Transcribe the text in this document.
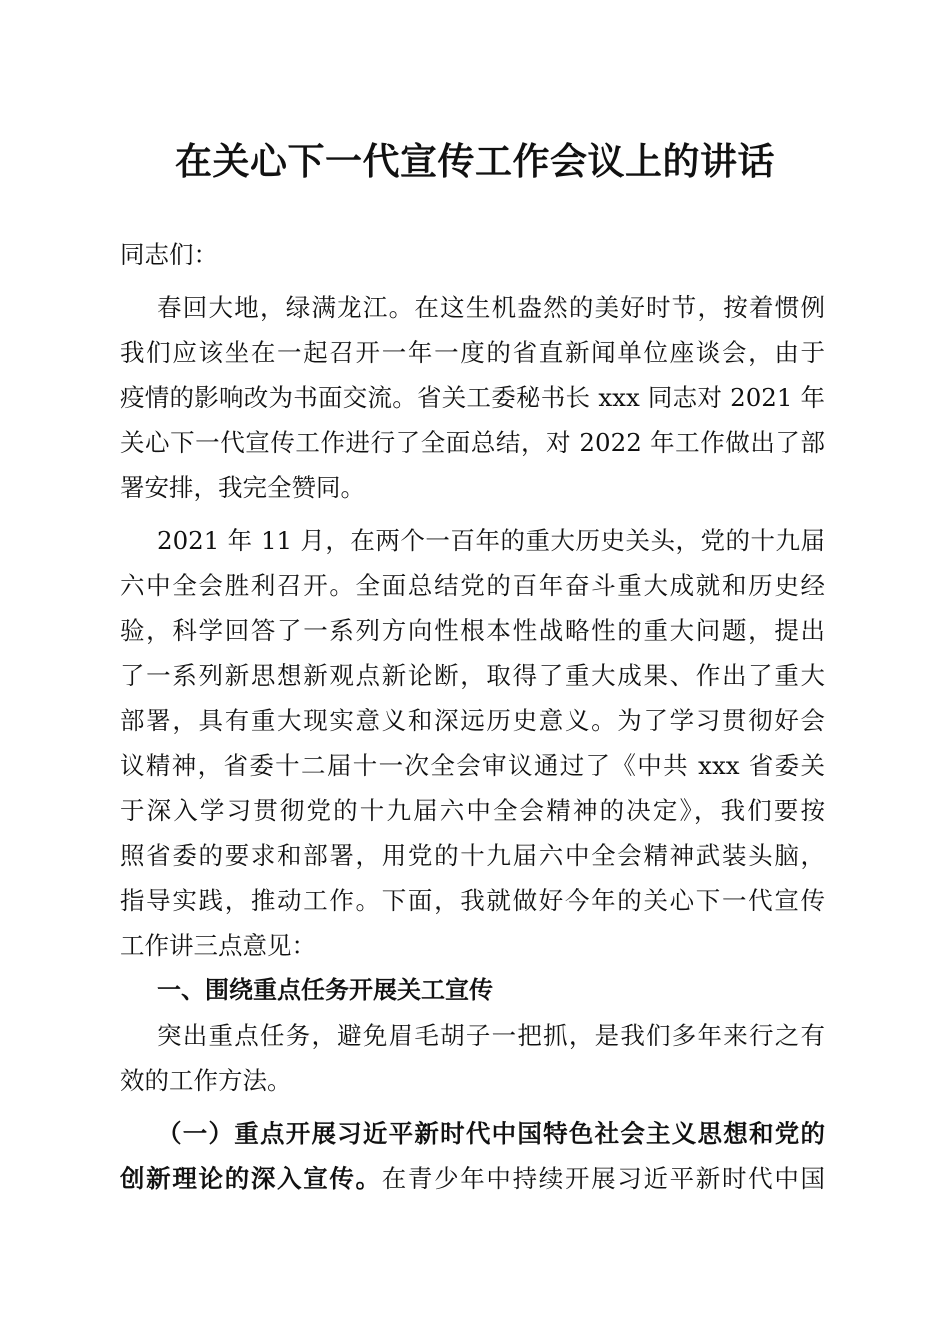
在关心下一代宣传工作会议上的讲话
同志们：
春回大地，绿满龙江。在这生机盎然的美好时节，按着惯例
我们应该坐在一起召开一年一度的省直新闻单位座谈会，由于
疫情的影响改为书面交流。省关工委秘书长 xxx 同志对 2021 年
关心下一代宣传工作进行了全面总结，对 2022 年工作做出了部
署安排，我完全赞同。
2021 年 11 月，在两个一百年的重大历史关头，党的十九届
六中全会胜利召开。全面总结党的百年奋斗重大成就和历史经
验，科学回答了一系列方向性根本性战略性的重大问题，提出
了一系列新思想新观点新论断，取得了重大成果、作出了重大
部署，具有重大现实意义和深远历史意义。为了学习贯彻好会
议精神，省委十二届十一次全会审议通过了《中共 xxx 省委关
于深入学习贯彻党的十九届六中全会精神的决定》，我们要按
照省委的要求和部署，用党的十九届六中全会精神武装头脑，
指导实践，推动工作。下面，我就做好今年的关心下一代宣传
工作讲三点意见：
一、围绕重点任务开展关工宣传
突出重点任务，避免眉毛胡子一把抓，是我们多年来行之有
效的工作方法。
（一）重点开展习近平新时代中国特色社会主义思想和党的
创新理论的深入宣传。在青少年中持续开展习近平新时代中国
